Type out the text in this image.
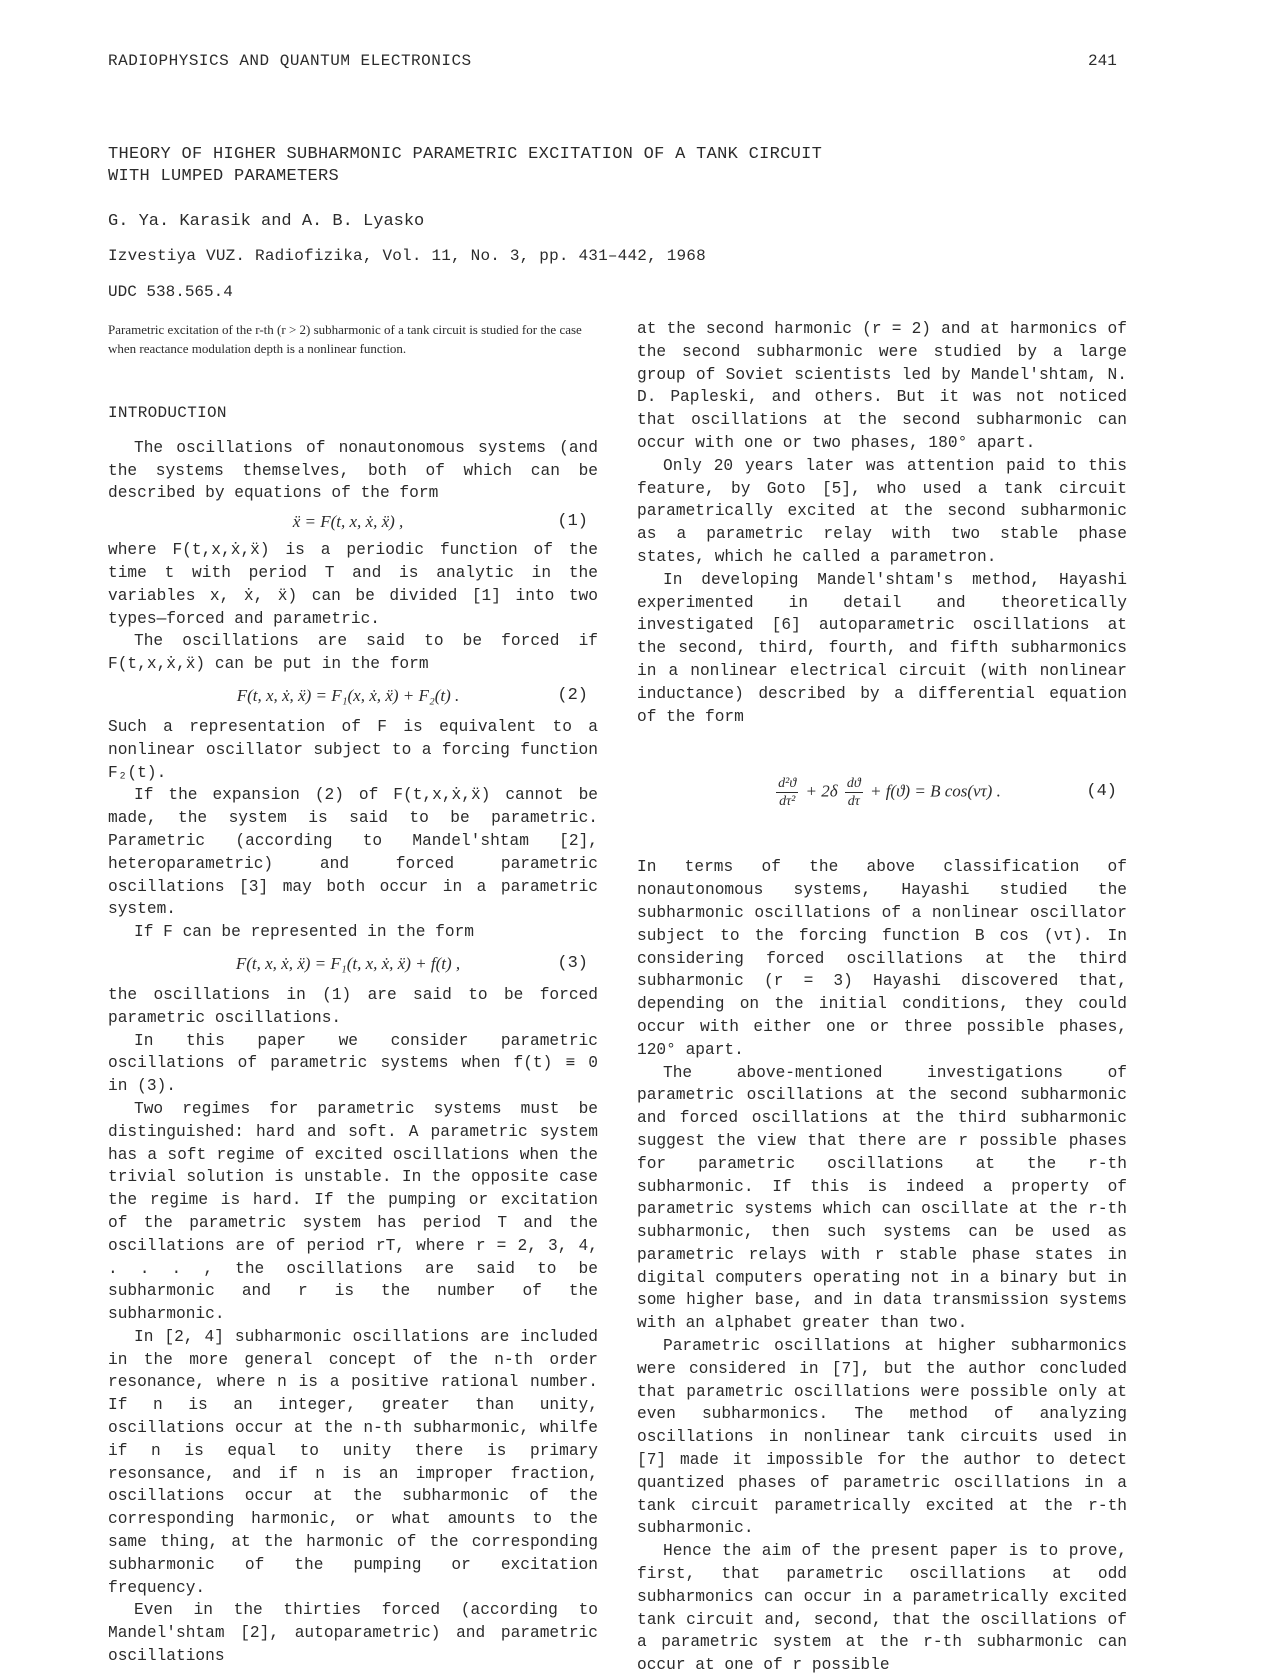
RADIOPHYSICS AND QUANTUM ELECTRONICS	241
THEORY OF HIGHER SUBHARMONIC PARAMETRIC EXCITATION OF A TANK CIRCUIT WITH LUMPED PARAMETERS
G. Ya. Karasik and A. B. Lyasko
Izvestiya VUZ. Radiofizika, Vol. 11, No. 3, pp. 431–442, 1968
UDC 538.565.4
Parametric excitation of the r-th (r > 2) subharmonic of a tank circuit is studied for the case when reactance modulation depth is a nonlinear function.

INTRODUCTION

The oscillations of nonautonomous systems (and the systems themselves, both of which can be described by equations of the form

ẍ = F(t, x, ẋ, ẍ) ,	(1)

where F(t,x,ẋ,ẍ) is a periodic function of the time t with period T and is analytic in the variables x, ẋ, ẍ) can be divided [1] into two types—forced and parametric.

The oscillations are said to be forced if F(t,x,ẋ,ẍ) can be put in the form

F(t, x, ẋ, ẍ) = F₁(x, ẋ, ẍ) + F₂(t) .	(2)

Such a representation of F is equivalent to a nonlinear oscillator subject to a forcing function F₂(t).

If the expansion (2) of F(t,x,ẋ,ẍ) cannot be made, the system is said to be parametric. Parametric (according to Mandel'shtam [2], heteroparametric) and forced parametric oscillations [3] may both occur in a parametric system.

If F can be represented in the form

F(t, x, ẋ, ẍ) = F₁(t, x, ẋ, ẍ) + f(t) ,	(3)

the oscillations in (1) are said to be forced parametric oscillations.

In this paper we consider parametric oscillations of parametric systems when f(t) ≡ 0 in (3).

Two regimes for parametric systems must be distinguished: hard and soft. A parametric system has a soft regime of excited oscillations when the trivial solution is unstable. In the opposite case the regime is hard. If the pumping or excitation of the parametric system has period T and the oscillations are of period rT, where r = 2, 3, 4, . . . , the oscillations are said to be subharmonic and r is the number of the subharmonic.

In [2, 4] subharmonic oscillations are included in the more general concept of the n-th order resonance, where n is a positive rational number. If n is an integer, greater than unity, oscillations occur at the n-th subharmonic, whilfe if n is equal to unity there is primary resonsance, and if n is an improper fraction, oscillations occur at the subharmonic of the corresponding harmonic, or what amounts to the same thing, at the harmonic of the corresponding subharmonic of the pumping or excitation frequency.

Even in the thirties forced (according to Mandel'shtam [2], autoparametric) and parametric oscillations

at the second harmonic (r = 2) and at harmonics of the second subharmonic were studied by a large group of Soviet scientists led by Mandel'shtam, N. D. Papleski, and others. But it was not noticed that oscillations at the second subharmonic can occur with one or two phases, 180° apart.

Only 20 years later was attention paid to this feature, by Goto [5], who used a tank circuit parametrically excited at the second subharmonic as a parametric relay with two stable phase states, which he called a parametron.

In developing Mandel'shtam's method, Hayashi experimented in detail and theoretically investigated [6] autoparametric oscillations at the second, third, fourth, and fifth subharmonics in a nonlinear electrical circuit (with nonlinear inductance) described by a differential equation of the form

$\frac{\text{d²ϑ}}{\text{dτ²}} + 2\delta \frac{dϑ}{d\tau} + f(ϑ) = B$ cos(ντ) .	(4)

In terms of the above classification of nonautonomous systems, Hayashi studied the subharmonic oscillations of a nonlinear oscillator subject to the forcing function B cos (ντ). In considering forced oscillations at the third subharmonic (r = 3) Hayashi discovered that, depending on the initial conditions, they could occur with either one or three possible phases, 120° apart.

The above-mentioned investigations of parametric oscillations at the second subharmonic and forced oscillations at the third subharmonic suggest the view that there are r possible phases for parametric oscillations at the r-th subharmonic. If this is indeed a property of parametric systems which can oscillate at the r-th subharmonic, then such systems can be used as parametric relays with r stable phase states in digital computers operating not in a binary but in some higher base, and in data transmission systems with an alphabet greater than two.

Parametric oscillations at higher subharmonics were considered in [7], but the author concluded that parametric oscillations were possible only at even subharmonics. The method of analyzing oscillations in nonlinear tank circuits used in [7] made it impossible for the author to detect quantized phases of parametric oscillations in a tank circuit parametrically excited at the r-th subharmonic.

Hence the aim of the present paper is to prove, first, that parametric oscillations at odd subharmonics can occur in a parametrically excited tank circuit and, second, that the oscillations of a parametric system at the r-th subharmonic can occur at one of r possible
